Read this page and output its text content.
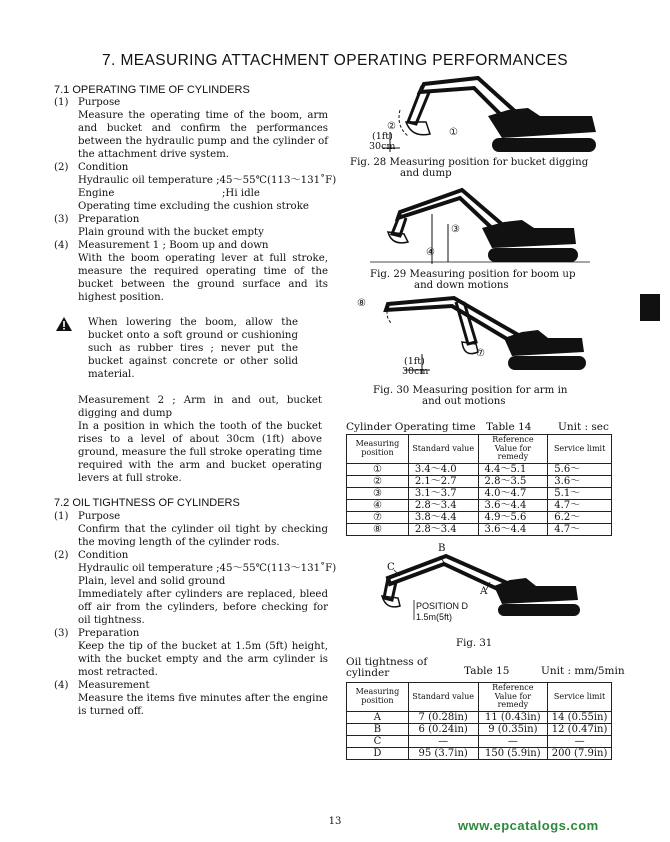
7. MEASURING ATTACHMENT OPERATING PERFORMANCES
7.1 OPERATING TIME OF CYLINDERS
(1) Purpose
Measure the operating time of the boom, arm and bucket and confirm the performances between the hydraulic pump and the cylinder of the attachment drive system.
(2) Condition
Hydraulic oil temperature ;45～55℃(113～131˚F)
Engine	;Hi idle
Operating time excluding the cushion stroke
(3) Preparation
Plain ground with the bucket empty
(4) Measurement 1 ; Boom up and down
With the boom operating lever at full stroke, measure the required operating time of the bucket between the ground surface and its highest position.
When lowering the boom, allow the bucket onto a soft ground or cushioning such as rubber tires ; never put the bucket against concrete or other solid material.
Measurement 2 ; Arm in and out, bucket digging and dump
In a position in which the tooth of the bucket rises to a level of about 30cm (1ft) above ground, measure the full stroke operating time required with the arm and bucket operating levers at full stroke.
7.2 OIL TIGHTNESS OF CYLINDERS
(1) Purpose
Confirm that the cylinder oil tight by checking the moving length of the cylinder rods.
(2) Condition
Hydraulic oil temperature ;45～55℃(113～131˚F)
Plain, level and solid ground
Immediately after cylinders are replaced, bleed off air from the cylinders, before checking for oil tightness.
(3) Preparation
Keep the tip of the bucket at 1.5m (5ft) height, with the bucket empty and the arm cylinder is most retracted.
(4) Measurement
Measure the items five minutes after the engine is turned off.
②
①
(1ft)
30cm
Fig. 28 Measuring position for bucket digging
and dump
④
③
Fig. 29 Measuring position for boom up
and down motions
⑧
⑦
(1ft)
30cm
Fig. 30 Measuring position for arm in
and out motions
Cylinder Operating time Table 14	Unit : sec
Measuring position	Standard value	Reference Value for remedy	Service limit
①	3.4～4.0	4.4～5.1	5.6～
②	2.1～2.7	2.8～3.5	3.6～
③	3.1～3.7	4.0～4.7	5.1～
④	2.8～3.4	3.6～4.4	4.7～
⑦	3.8～4.4	4.9～5.6	6.2～
⑧	2.8～3.4	3.6～4.4	4.7～
B
C
A
POSITION D
1.5m(5ft)
Fig. 31
Oil tightness of
cylinder	Table 15	Unit : mm/5min
Measuring position	Standard value	Reference Value for remedy	Service limit
A	7 (0.28in)	11 (0.43in)	14 (0.55in)
B	6 (0.24in)	9 (0.35in)	12 (0.47in)
C	—	—	—
D	95 (3.7in)	150 (5.9in)	200 (7.9in)
13	www.epcatalogs.com
